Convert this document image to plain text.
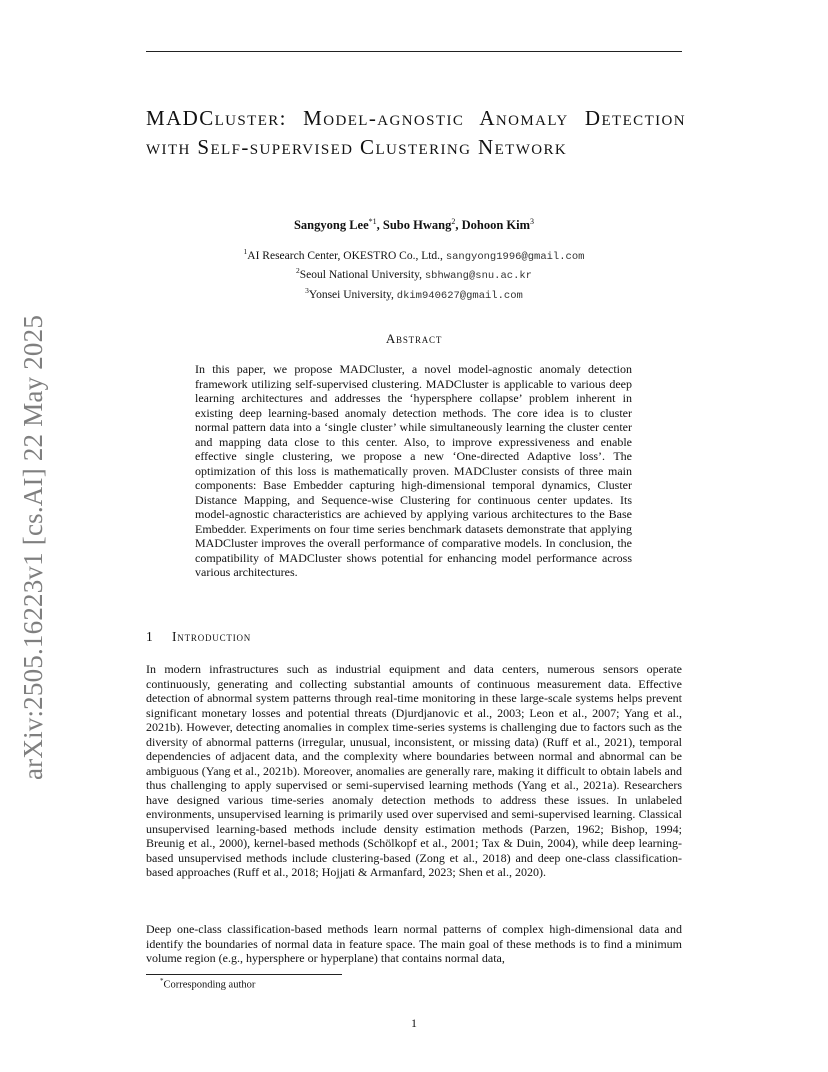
arXiv:2505.16223v1 [cs.AI] 22 May 2025
MADCluster: Model-agnostic Anomaly Detection with Self-supervised Clustering Network
Sangyong Lee$^{*1}$, Subo Hwang$^2$, Dohoon Kim$^3$
$^1$AI Research Center, OKESTRO Co., Ltd., sangyong1996@gmail.com
$^2$Seoul National University, sbhwang@snu.ac.kr
$^3$Yonsei University, dkim940627@gmail.com
Abstract

In this paper, we propose MADCluster, a novel model-agnostic anomaly detection framework utilizing self-supervised clustering. MADCluster is applicable to various deep learning architectures and addresses the ‘hypersphere collapse’ problem inherent in existing deep learning-based anomaly detection methods. The core idea is to cluster normal pattern data into a ‘single cluster’ while simultaneously learning the cluster center and mapping data close to this center. Also, to improve expressiveness and enable effective single clustering, we propose a new ‘One-directed Adaptive loss’. The optimization of this loss is mathematically proven. MADCluster consists of three main components: Base Embedder capturing high-dimensional temporal dynamics, Cluster Distance Mapping, and Sequence-wise Clustering for continuous center updates. Its model-agnostic characteristics are achieved by applying various architectures to the Base Embedder. Experiments on four time series benchmark datasets demonstrate that applying MADCluster improves the overall performance of comparative models. In conclusion, the compatibility of MADCluster shows potential for enhancing model performance across various architectures.

1 Introduction

In modern infrastructures such as industrial equipment and data centers, numerous sensors operate continuously, generating and collecting substantial amounts of continuous measurement data. Effective detection of abnormal system patterns through real-time monitoring in these large-scale systems helps prevent significant monetary losses and potential threats (Djurdjanovic et al., 2003; Leon et al., 2007; Yang et al., 2021b). However, detecting anomalies in complex time-series systems is challenging due to factors such as the diversity of abnormal patterns (irregular, unusual, inconsistent, or missing data) (Ruff et al., 2021), temporal dependencies of adjacent data, and the complexity where boundaries between normal and abnormal can be ambiguous (Yang et al., 2021b). Moreover, anomalies are generally rare, making it difficult to obtain labels and thus challenging to apply supervised or semi-supervised learning methods (Yang et al., 2021a). Researchers have designed various time-series anomaly detection methods to address these issues. In unlabeled environments, unsupervised learning is primarily used over supervised and semi-supervised learning. Classical unsupervised learning-based methods include density estimation methods (Parzen, 1962; Bishop, 1994; Breunig et al., 2000), kernel-based methods (Schölkopf et al., 2001; Tax & Duin, 2004), while deep learning-based unsupervised methods include clustering-based (Zong et al., 2018) and deep one-class classification-based approaches (Ruff et al., 2018; Hojjati & Armanfard, 2023; Shen et al., 2020).

Deep one-class classification-based methods learn normal patterns of complex high-dimensional data and identify the boundaries of normal data in feature space. The main goal of these methods is to find a minimum volume region (e.g., hypersphere or hyperplane) that contains normal data,

*Corresponding author
1
